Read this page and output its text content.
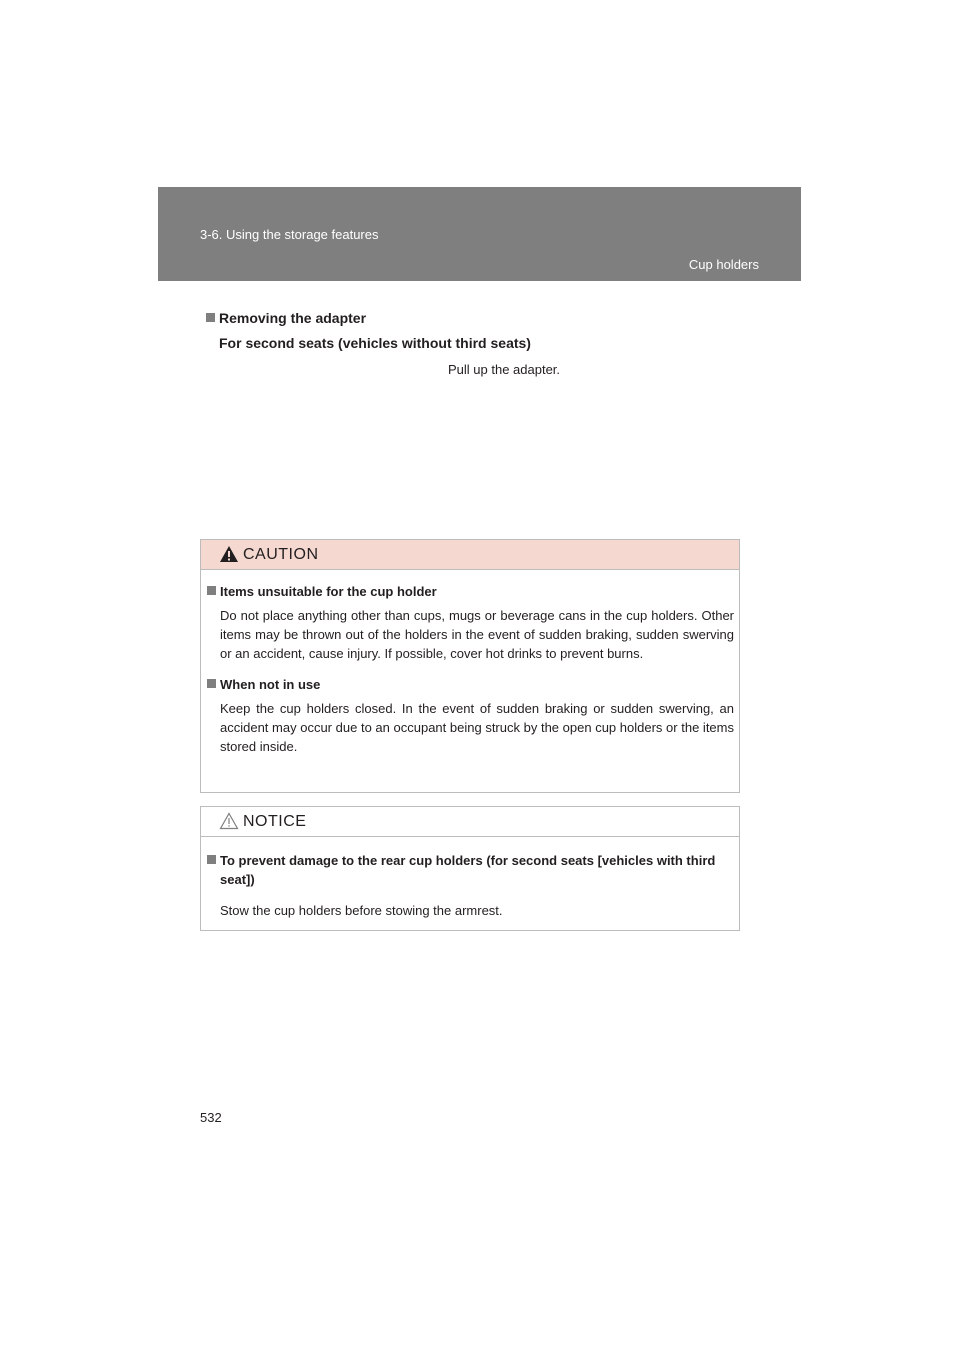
3-6. Using the storage features
Cup holders
Removing the adapter
For second seats (vehicles without third seats)
Pull up the adapter.
CAUTION
Items unsuitable for the cup holder
Do not place anything other than cups, mugs or beverage cans in the cup holders. Other items may be thrown out of the holders in the event of sudden braking, sudden swerving or an accident, cause injury. If possible, cover hot drinks to prevent burns.
When not in use
Keep the cup holders closed. In the event of sudden braking or sudden swerving, an accident may occur due to an occupant being struck by the open cup holders or the items stored inside.
NOTICE
To prevent damage to the rear cup holders (for second seats [vehicles with third seat])
Stow the cup holders before stowing the armrest.
532
